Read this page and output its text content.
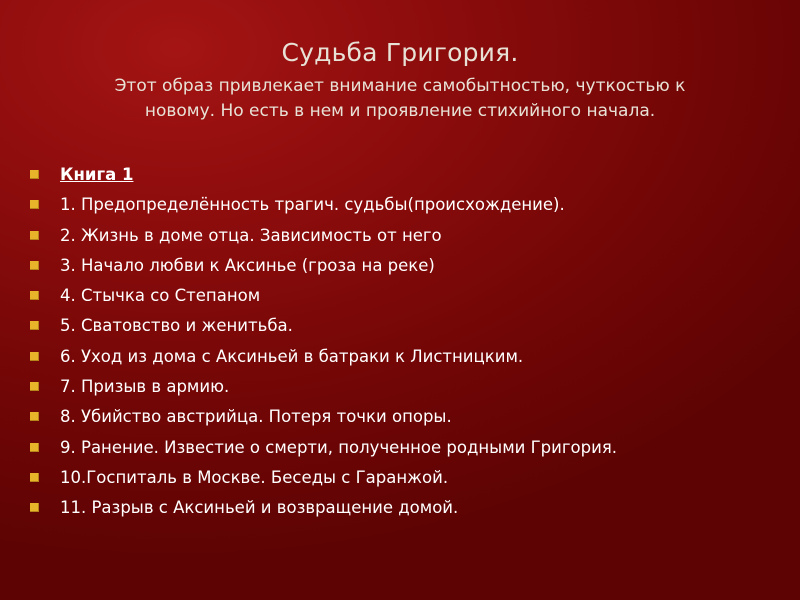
Судьба Григория.
Этот образ привлекает внимание самобытностью, чуткостью к
новому. Но есть в нем и проявление стихийного начала.
Книга 1
1. Предопределённость трагич. судьбы(происхождение).
2. Жизнь в доме отца. Зависимость от него
3. Начало любви к Аксинье (гроза на реке)
4. Стычка со Степаном
5. Сватовство и женитьба.
6. Уход из дома с Аксиньей в батраки к Листницким.
7. Призыв в армию.
8. Убийство австрийца. Потеря точки опоры.
9. Ранение. Известие о смерти, полученное родными Григория.
10.Госпиталь в Москве. Беседы с Гаранжой.
11. Разрыв с Аксиньей и возвращение домой.
